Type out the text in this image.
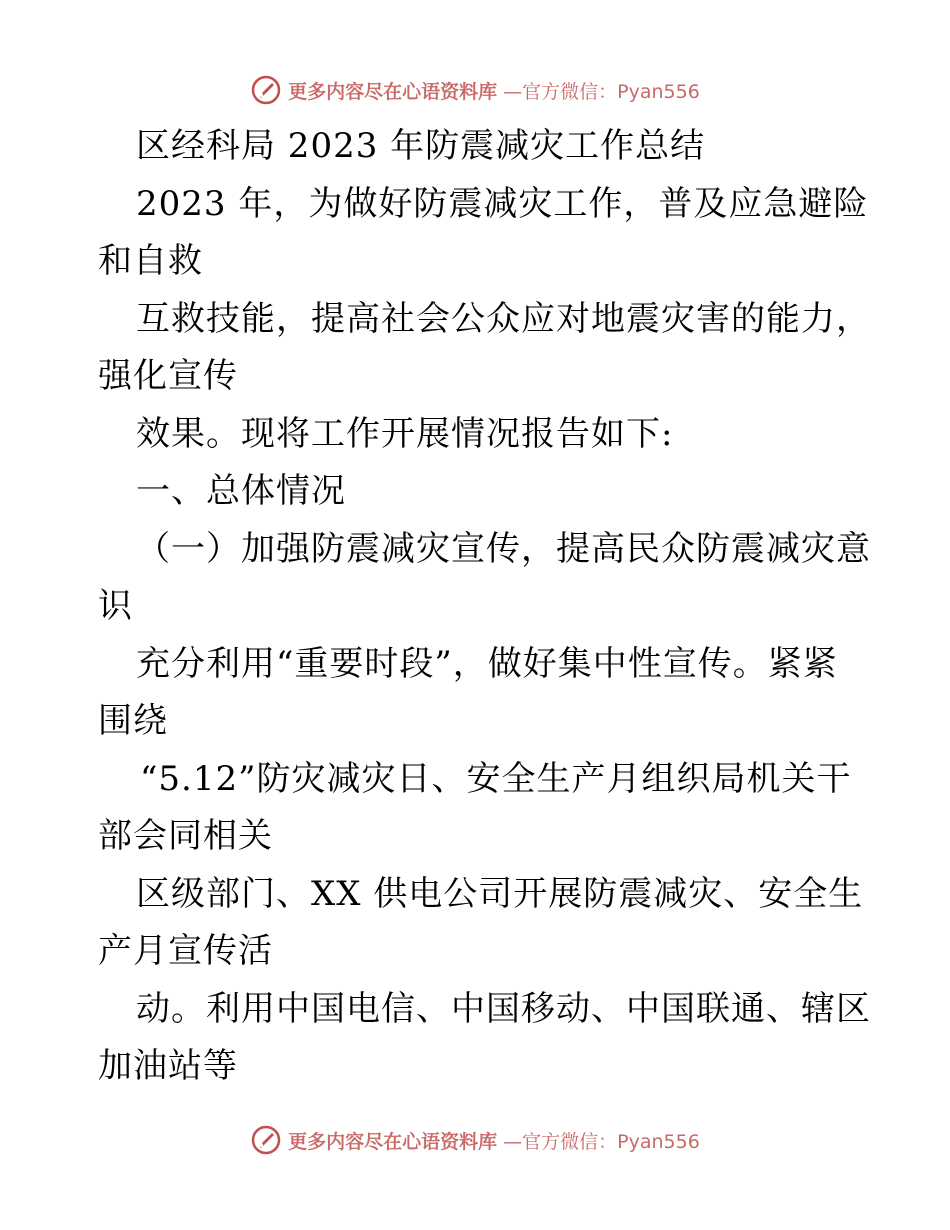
更多内容尽在心语资料库 —官方微信：Pyan556
区经科局 2023 年防震减灾工作总结
2023 年，为做好防震减灾工作，普及应急避险
和自救
互救技能，提高社会公众应对地震灾害的能力，
强化宣传
效果。现将工作开展情况报告如下:
一、总体情况
（一）加强防震减灾宣传，提高民众防震减灾意
识
充分利用“重要时段”，做好集中性宣传。紧紧
围绕
“5.12”防灾减灾日、安全生产月组织局机关干
部会同相关
区级部门、XX 供电公司开展防震减灾、安全生
产月宣传活
动。利用中国电信、中国移动、中国联通、辖区
加油站等
更多内容尽在心语资料库 —官方微信：Pyan556
